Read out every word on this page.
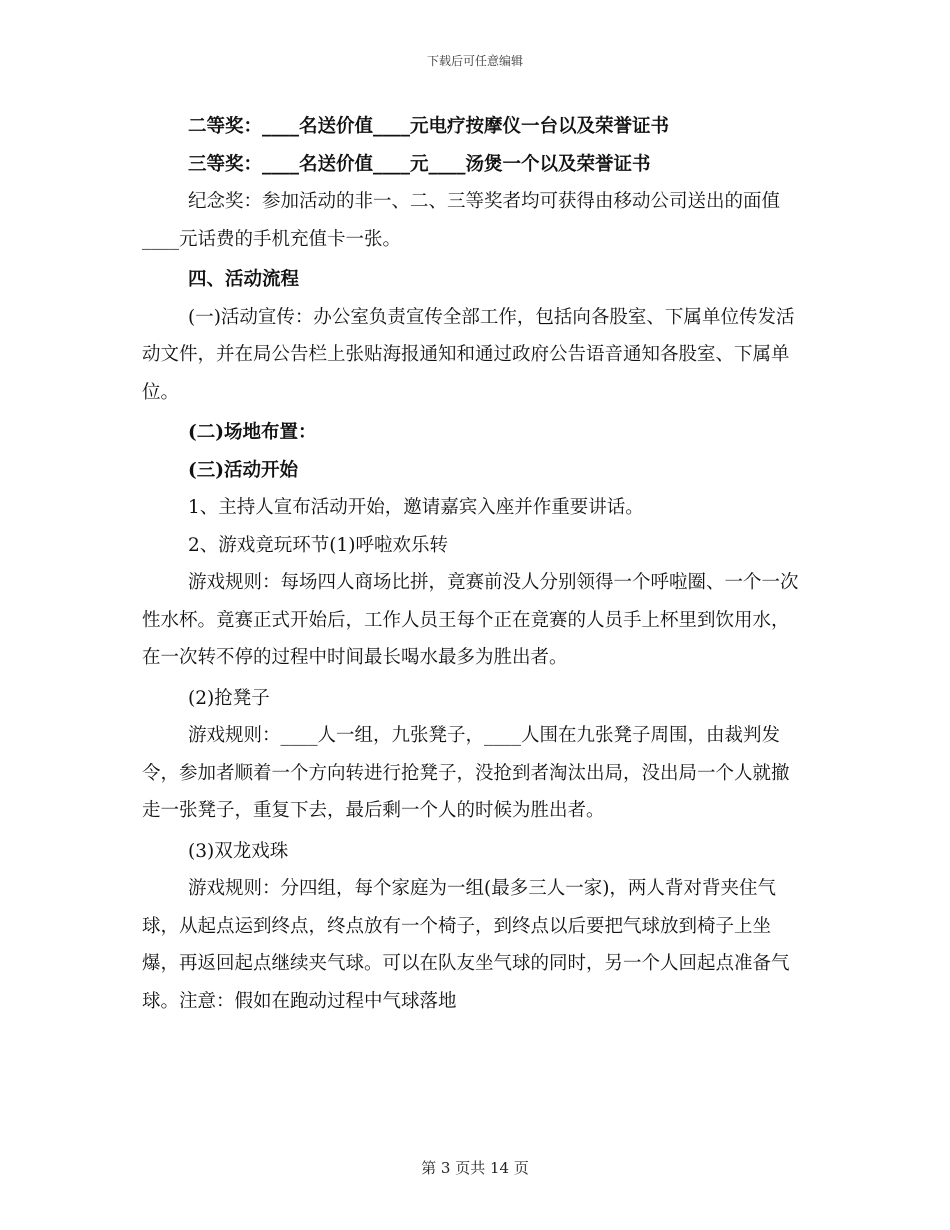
下载后可任意编辑

二等奖：____名送价值____元电疗按摩仪一台以及荣誉证书

三等奖：____名送价值____元____汤煲一个以及荣誉证书

纪念奖：参加活动的非一、二、三等奖者均可获得由移动公司送出的面值____元话费的手机充值卡一张。

四、活动流程

(一)活动宣传：办公室负责宣传全部工作，包括向各股室、下属单位传发活动文件，并在局公告栏上张贴海报通知和通过政府公告语音通知各股室、下属单位。

(二)场地布置：

(三)活动开始

1、主持人宣布活动开始，邀请嘉宾入座并作重要讲话。

2、游戏竟玩环节(1)呼啦欢乐转

游戏规则：每场四人商场比拼，竟赛前没人分别领得一个呼啦圈、一个一次性水杯。竟赛正式开始后，工作人员王每个正在竟赛的人员手上杯里到饮用水，在一次转不停的过程中时间最长喝水最多为胜出者。

(2)抢凳子

游戏规则：____人一组，九张凳子，____人围在九张凳子周围，由裁判发令，参加者顺着一个方向转进行抢凳子，没抢到者淘汰出局，没出局一个人就撤走一张凳子，重复下去，最后剩一个人的时候为胜出者。

(3)双龙戏珠

游戏规则：分四组，每个家庭为一组(最多三人一家)，两人背对背夹住气球，从起点运到终点，终点放有一个椅子，到终点以后要把气球放到椅子上坐爆，再返回起点继续夹气球。可以在队友坐气球的同时，另一个人回起点准备气球。注意：假如在跑动过程中气球落地

第 3 页共 14 页
